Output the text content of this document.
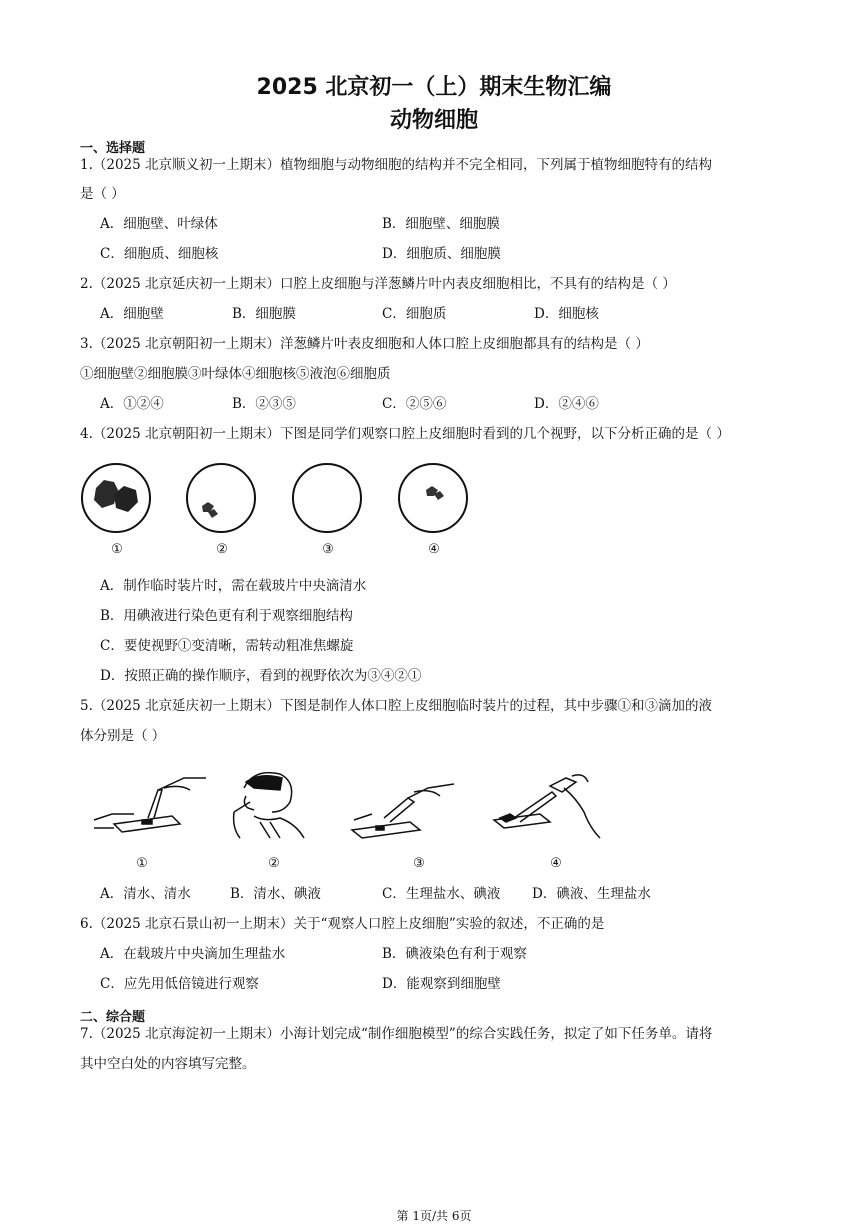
2025 北京初一（上）期末生物汇编
动物细胞
一、选择题
1.（2025 北京顺义初一上期末）植物细胞与动物细胞的结构并不完全相同，下列属于植物细胞特有的结构
是（ ）
A．细胞壁、叶绿体	B．细胞壁、细胞膜
C．细胞质、细胞核	D．细胞质、细胞膜
2.（2025 北京延庆初一上期末）口腔上皮细胞与洋葱鳞片叶内表皮细胞相比，不具有的结构是（ ）
A．细胞壁	B．细胞膜	C．细胞质	D．细胞核
3.（2025 北京朝阳初一上期末）洋葱鳞片叶表皮细胞和人体口腔上皮细胞都具有的结构是（ ）
①细胞壁②细胞膜③叶绿体④细胞核⑤液泡⑥细胞质
A．①②④	B．②③⑤	C．②⑤⑥	D．②④⑥
4.（2025 北京朝阳初一上期末）下图是同学们观察口腔上皮细胞时看到的几个视野，以下分析正确的是（ ）
①	②	③	④
A．制作临时装片时，需在载玻片中央滴清水
B．用碘液进行染色更有利于观察细胞结构
C．要使视野①变清晰，需转动粗准焦螺旋
D．按照正确的操作顺序，看到的视野依次为③④②①
5.（2025 北京延庆初一上期末）下图是制作人体口腔上皮细胞临时装片的过程，其中步骤①和③滴加的液
体分别是（ ）
①	②	③	④
A．清水、清水	B．清水、碘液	C．生理盐水、碘液 D．碘液、生理盐水
6.（2025 北京石景山初一上期末）关于“观察人口腔上皮细胞”实验的叙述，不正确的是
A．在载玻片中央滴加生理盐水	B．碘液染色有利于观察
C．应先用低倍镜进行观察	D．能观察到细胞壁
二、综合题
7.（2025 北京海淀初一上期末）小海计划完成“制作细胞模型”的综合实践任务，拟定了如下任务单。请将
其中空白处的内容填写完整。
第 1页/共 6页
